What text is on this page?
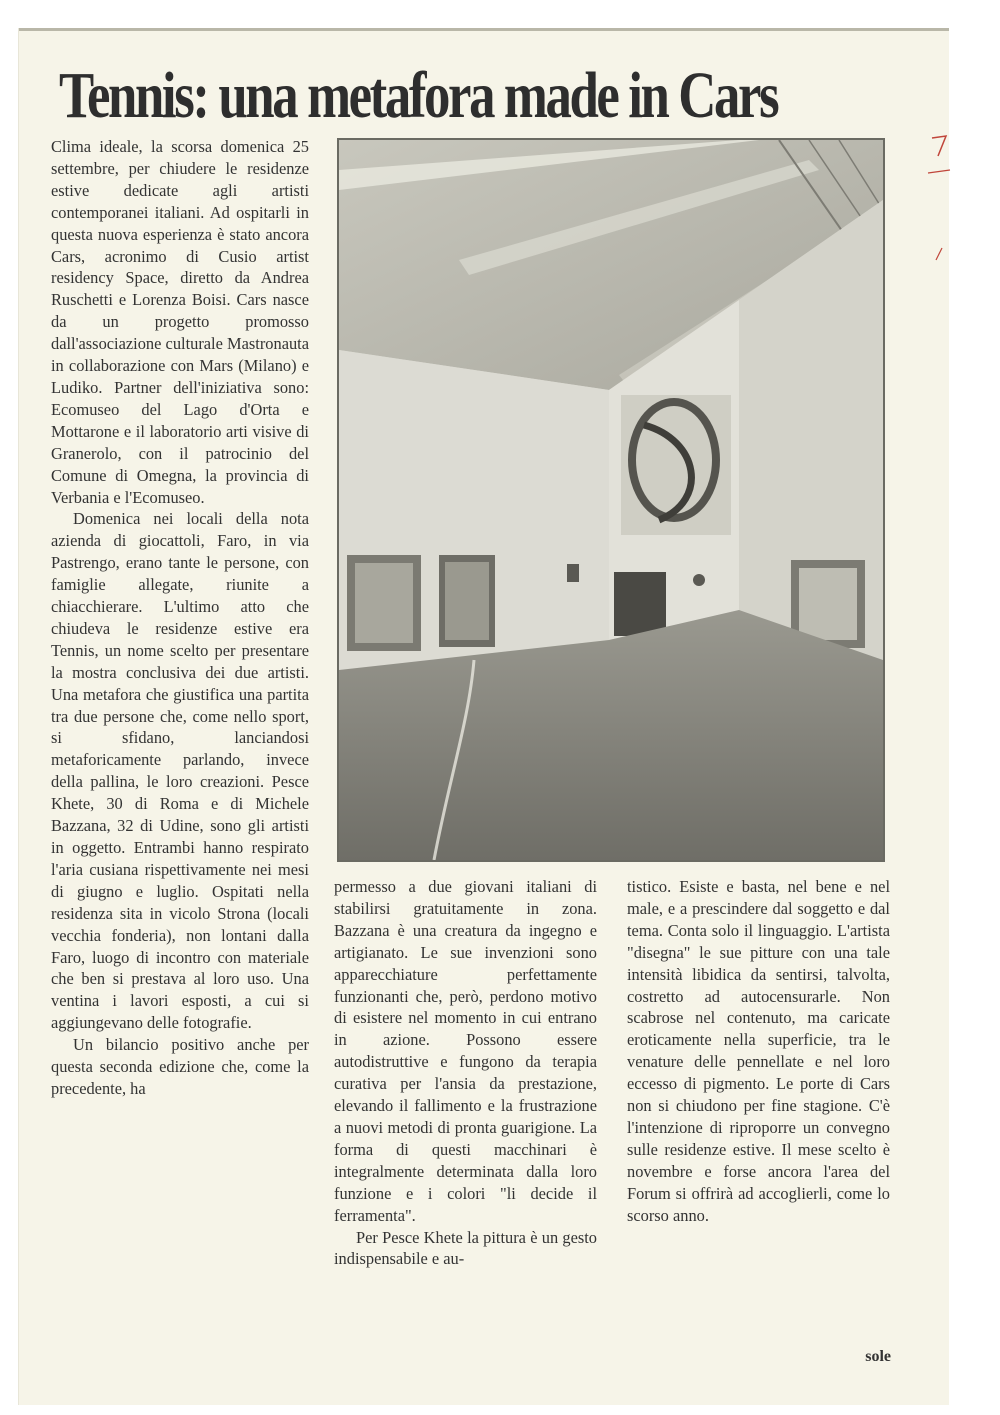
Tennis: una metafora made in Cars

Clima ideale, la scorsa domenica 25 settembre, per chiudere le residenze estive dedicate agli artisti contemporanei italiani. Ad ospitarli in questa nuova esperienza è stato ancora Cars, acronimo di Cusio artist residency Space, diretto da Andrea Ruschetti e Lorenza Boisi. Cars nasce da un progetto promosso dall'associazione culturale Mastronauta in collaborazione con Mars (Milano) e Ludiko. Partner dell'iniziativa sono: Ecomuseo del Lago d'Orta e Mottarone e il laboratorio arti visive di Granerolo, con il patrocinio del Comune di Omegna, la provincia di Verbania e l'Ecomuseo.

Domenica nei locali della nota azienda di giocattoli, Faro, in via Pastrengo, erano tante le persone, con famiglie allegate, riunite a chiacchierare. L'ultimo atto che chiudeva le residenze estive era Tennis, un nome scelto per presentare la mostra conclusiva dei due artisti. Una metafora che giustifica una partita tra due persone che, come nello sport, si sfidano, lanciandosi metaforicamente parlando, invece della pallina, le loro creazioni. Pesce Khete, 30 di Roma e di Michele Bazzana, 32 di Udine, sono gli artisti in oggetto. Entrambi hanno respirato l'aria cusiana rispettivamente nei mesi di giugno e luglio. Ospitati nella residenza sita in vicolo Strona (locali vecchia fonderia), non lontani dalla Faro, luogo di incontro con materiale che ben si prestava al loro uso. Una ventina i lavori esposti, a cui si aggiungevano delle fotografie.

Un bilancio positivo anche per questa seconda edizione che, come la precedente, ha

permesso a due giovani italiani di stabilirsi gratuitamente in zona. Bazzana è una creatura da ingegno e artigianato. Le sue invenzioni sono apparecchiature perfettamente funzionanti che, però, perdono motivo di esistere nel momento in cui entrano in azione. Possono essere autodistruttive e fungono da terapia curativa per l'ansia da prestazione, elevando il fallimento e la frustrazione a nuovi metodi di pronta guarigione. La forma di questi macchinari è integralmente determinata dalla loro funzione e i colori "li decide il ferramenta".

Per Pesce Khete la pittura è un gesto indispensabile e au-

tistico. Esiste e basta, nel bene e nel male, e a prescindere dal soggetto e dal tema. Conta solo il linguaggio. L'artista "disegna" le sue pitture con una tale intensità libidica da sentirsi, talvolta, costretto ad autocensurarle. Non scabrose nel contenuto, ma caricate eroticamente nella superficie, tra le venature delle pennellate e nel loro eccesso di pigmento. Le porte di Cars non si chiudono per fine stagione. C'è l'intenzione di riproporre un convegno sulle residenze estive. Il mese scelto è novembre e forse ancora l'area del Forum si offrirà ad accoglierli, come lo scorso anno.

sole
